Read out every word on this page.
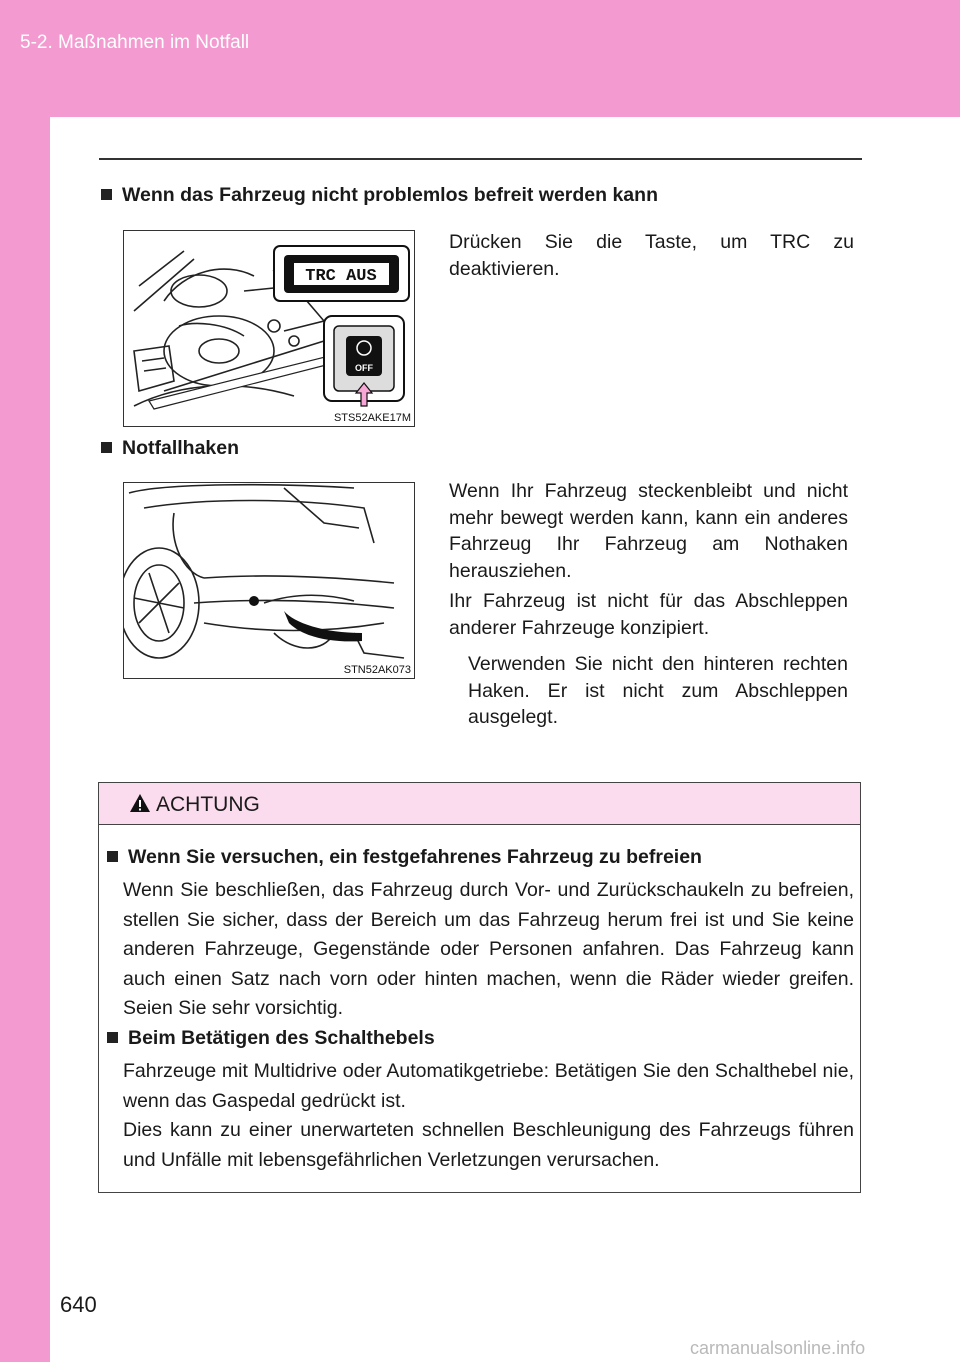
5-2. Maßnahmen im Notfall
640
Wenn das Fahrzeug nicht problemlos befreit werden kann
TRC AUS
OFF
STS52AKE17M
Drücken Sie die Taste, um TRC zu deaktivieren.
Notfallhaken
STN52AK073
Wenn Ihr Fahrzeug steckenbleibt und nicht mehr bewegt werden kann, kann ein anderes Fahrzeug Ihr Fahrzeug am Nothaken herausziehen.
Ihr Fahrzeug ist nicht für das Abschleppen anderer Fahrzeuge konzipiert.
Verwenden Sie nicht den hinteren rechten Haken. Er ist nicht zum Abschleppen ausgelegt.
ACHTUNG
Wenn Sie versuchen, ein festgefahrenes Fahrzeug zu befreien
Wenn Sie beschließen, das Fahrzeug durch Vor- und Zurückschaukeln zu befreien, stellen Sie sicher, dass der Bereich um das Fahrzeug herum frei ist und Sie keine anderen Fahrzeuge, Gegenstände oder Personen anfahren. Das Fahrzeug kann auch einen Satz nach vorn oder hinten machen, wenn die Räder wieder greifen. Seien Sie sehr vorsichtig.
Beim Betätigen des Schalthebels
Fahrzeuge mit Multidrive oder Automatikgetriebe: Betätigen Sie den Schalthebel nie, wenn das Gaspedal gedrückt ist.
Dies kann zu einer unerwarteten schnellen Beschleunigung des Fahrzeugs führen und Unfälle mit lebensgefährlichen Verletzungen verursachen.
carmanualsonline.info
